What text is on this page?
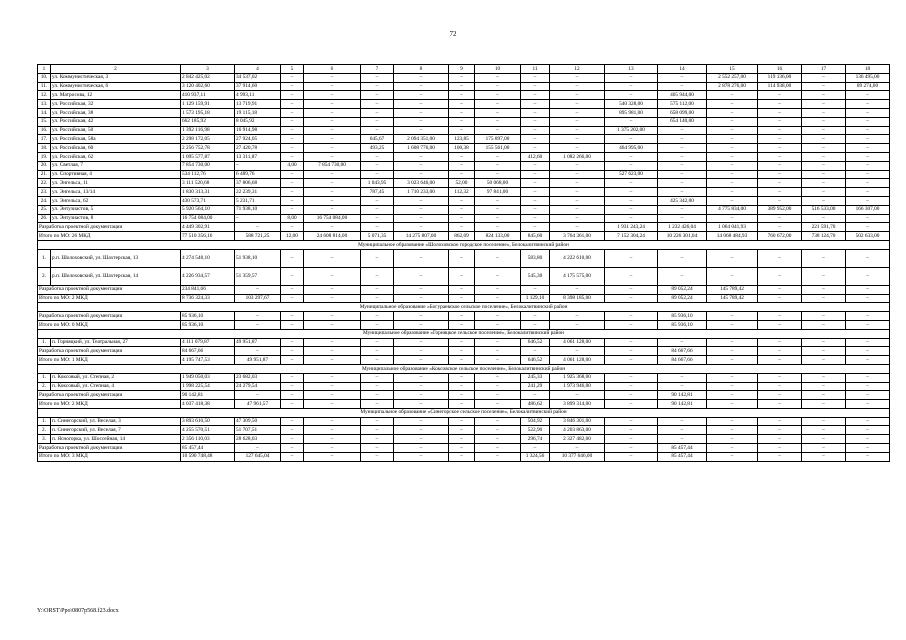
72
1	2	3	4	5	6	7	8	9	10	11	12	13	14	15	16	17	18
10.	ул. Коммунистическая, 3	2 842 425,02	34 537,02	–	–	–	–	–	–	–	–	–	–	2 552 257,00	119 136,00	–	136 495,00
11.	ул. Коммунистическая, 6	3 120 402,60	37 914,60	–	–	–	–	–	–	–	–	–	–	2 878 276,00	114 938,00	–	89 274,00
12.	ул. Матросова, 12	410 937,11	4 993,11	–	–	–	–	–	–	–	–	–	405 944,00	–	–	–	–
13.	ул. Российская, 32	1 129 159,91	13 719,91	–	–	–	–	–	–	–	–	540 328,00	575 112,00	–	–	–	–
14.	ул. Российская, 38	1 573 195,18	19 115,18	–	–	–	–	–	–	–	–	895 981,00	658 099,00	–	–	–	–
15.	ул. Российская, 42	662 185,92	8 045,92	–	–	–	–	–	–	–	–	–	654 140,00	–	–	–	–
16.	ул. Российская, 50	1 392 116,98	16 914,98	–	–	–	–	–	–	–	–	1 375 202,00	–	–	–	–	–
17.	ул. Российская, 58а	2 298 172,05	27 924,05	–	–	645,67	2 094 351,00	123,85	175 897,00	–	–	–	–	–	–	–	–
18.	ул. Российская, 60	2 256 752,78	27 420,78	–	–	493,25	1 608 776,00	100,38	155 561,00	–	–	464 995,00	–	–	–	–	–
19.	ул. Российская, 62	1 095 577,87	13 311,87	–	–	–	–	–	–	412,60	1 082 266,00	–	–	–	–	–	–
20.	ул. Светлая, 7	7 854 730,00	–	4,00	7 854 730,00	–	–	–	–	–	–	–	–	–	–	–	–
21.	ул. Спортивная, 4	534 112,76	6 489,76	–	–	–	–	–	–	–	–	527 623,00	–	–	–	–	–
22.	ул. Энгельса, 11	3 111 520,68	37 806,68	–	–	1 043,95	3 023 646,00	52,00	50 068,00	–	–	–	–	–	–	–	–
23.	ул. Энгельса, 13/14	1 830 313,31	22 239,31	–	–	787,45	1 710 233,00	112,32	97 841,00	–	–	–	–	–	–	–	–
24.	ул. Энгельса, 62	430 573,71	5 231,71	–	–	–	–	–	–	–	–	–	425 342,00	–	–	–	–
25.	ул. Энтузиастов, 5	5 920 564,10	71 938,10	–	–	–	–	–	–	–	–	–	–	4 775 834,00	389 952,00	516 533,00	166 307,00
26.	ул. Энтузиастов, 8	16 754 084,00	–	8,00	16 754 084,00	–	–	–	–	–	–	–	–	–	–	–	–
Разработка проектной документации		4 449 302,91	–	–	–	–	–	–	–	–	–	1 931 243,24	1 232 426,04	1 064 041,93	–	221 591,70	–
Итого по МО: 26 МКД		77 510 356,16	588 721,25	12,00	24 608 814,00	5 071,35	14 275 807,00	862,09	824 133,00	845,60	3 764 361,00	7 152 304,24	10 226 301,04	14 068 484,93	760 672,00	738 124,70	502 633,00
Муниципальное образование «Шолоховское городское поселение», Белокалитвинский район																	
1.	р.п. Шолоховский, ул. Шахтерская, 13	4 274 548,10	51 938,10	–	–	–	–	–	–	583,80	4 222 610,00	–	–	–	–	–	–
2.	р.п. Шолоховский, ул. Шахтерская, 14	4 226 934,57	51 359,57	–	–	–	–	–	–	545,30	4 175 575,00	–	–	–	–	–	–
Разработка проектной документации		234 841,66	–	–	–	–	–	–	–	–	–	–	89 052,24	145 789,42	–	–	–
Итого по МО: 2 МКД		8 736 324,33	103 297,67	–	–	–	–	–	–	1 129,10	8 398 185,00	–	89 052,24	145 789,42	–	–	–
Муниципальное образование «Богураевское сельское поселение», Белокалитвинский район																	
Разработка проектной документации		85 936,10	–	–	–	–	–	–	–	–	–	–	85 936,10	–	–	–	–
Итого по МО: 0 МКД		85 936,10	–	–	–	–	–	–	–	–	–	–	85 936,10	–	–	–	–
Муниципальное образование «Горняцкое сельское поселение», Белокалитвинский район																	
1.	п. Горняцкий, ул. Театральная, 27	4 111 079,87	49 951,87	–	–	–	–	–	–	646,52	4 061 128,00	–	–	–	–	–	–
Разработка проектной документации		84 667,66	–	–	–	–	–	–	–	–	–	–	84 667,66	–	–	–	–
Итого по МО: 1 МКД		4 195 747,53	49 951,87	–	–	–	–	–	–	646,52	4 061 128,00	–	84 667,66	–	–	–	–
Муниципальное образование «Коксовское сельское поселение», Белокалитвинский район																	
1.	п. Коксовый, ул. Степная, 2	1 949 050,03	23 682,03	–	–	–	–	–	–	245,33	1 925 368,00	–	–	–	–	–	–
2.	п. Коксовый, ул. Степная, 4	1 998 225,54	24 279,54	–	–	–	–	–	–	241,29	1 973 946,00	–	–	–	–	–	–
Разработка проектной документации		90 142,81	–	–	–	–	–	–	–	–	–	–	90 142,81	–	–	–	–
Итого по МО: 2 МКД		4 037 418,38	47 961,57	–	–	–	–	–	–	486,62	3 899 314,00	–	90 142,81	–	–	–	–
Муниципальное образование «Синегорское сельское поселение», Белокалитвинский район																	
1.	п. Синегорский, ул. Веселая, 3	3 893 610,50	47 309,50	–	–	–	–	–	–	504,92	3 846 301,00	–	–	–	–	–	–
2.	п. Синегорский, ул. Веселая, 7	4 255 570,51	51 707,51	–	–	–	–	–	–	522,90	4 203 863,00	–	–	–	–	–	–
3.	п. Ясногорка, ул. Шоссейная, 14	2 356 110,03	28 628,03	–	–	–	–	–	–	296,74	2 327 482,00	–	–	–	–	–	–
Разработка проектной документации		85 457,44	–	–	–	–	–	–	–	–	–	–	85 457,44	–	–	–	–
Итого по МО: 3 МКД		10 590 748,48	127 645,04	–	–	–	–	–	–	1 324,56	10 377 646,00	–	85 457,44	–	–	–	–
Y:\ORST\Ppo\0807p568.f23.docx
